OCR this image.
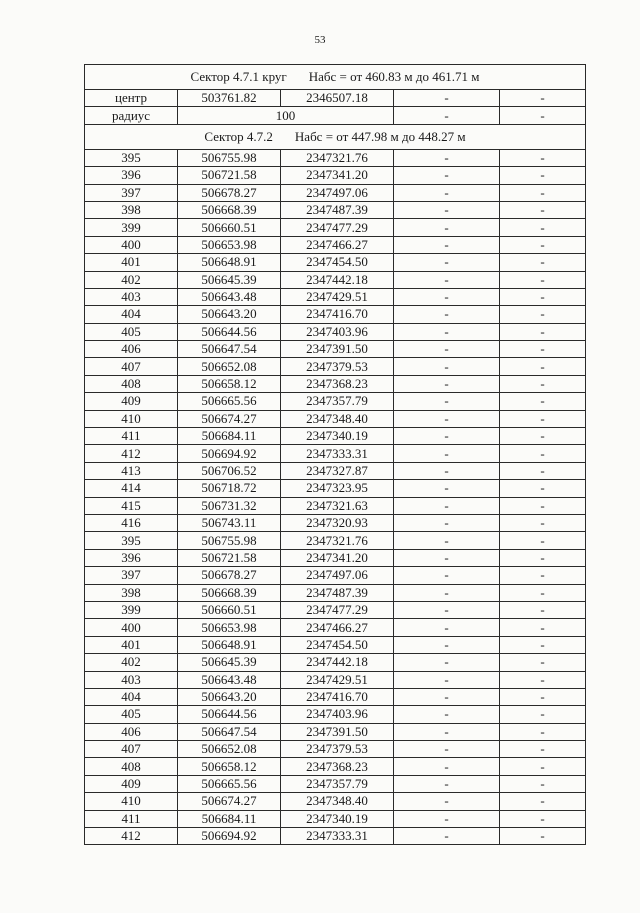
53
Сектор 4.7.1 круг Набс = от 460.83 м до 461.71 м				
центр	503761.82	2346507.18	-	-
радиус	100		-	-
Сектор 4.7.2 Набс = от 447.98 м до 448.27 м				
395	506755.98	2347321.76	-	-
396	506721.58	2347341.20	-	-
397	506678.27	2347497.06	-	-
398	506668.39	2347487.39	-	-
399	506660.51	2347477.29	-	-
400	506653.98	2347466.27	-	-
401	506648.91	2347454.50	-	-
402	506645.39	2347442.18	-	-
403	506643.48	2347429.51	-	-
404	506643.20	2347416.70	-	-
405	506644.56	2347403.96	-	-
406	506647.54	2347391.50	-	-
407	506652.08	2347379.53	-	-
408	506658.12	2347368.23	-	-
409	506665.56	2347357.79	-	-
410	506674.27	2347348.40	-	-
411	506684.11	2347340.19	-	-
412	506694.92	2347333.31	-	-
413	506706.52	2347327.87	-	-
414	506718.72	2347323.95	-	-
415	506731.32	2347321.63	-	-
416	506743.11	2347320.93	-	-
395	506755.98	2347321.76	-	-
396	506721.58	2347341.20	-	-
397	506678.27	2347497.06	-	-
398	506668.39	2347487.39	-	-
399	506660.51	2347477.29	-	-
400	506653.98	2347466.27	-	-
401	506648.91	2347454.50	-	-
402	506645.39	2347442.18	-	-
403	506643.48	2347429.51	-	-
404	506643.20	2347416.70	-	-
405	506644.56	2347403.96	-	-
406	506647.54	2347391.50	-	-
407	506652.08	2347379.53	-	-
408	506658.12	2347368.23	-	-
409	506665.56	2347357.79	-	-
410	506674.27	2347348.40	-	-
411	506684.11	2347340.19	-	-
412	506694.92	2347333.31	-	-
